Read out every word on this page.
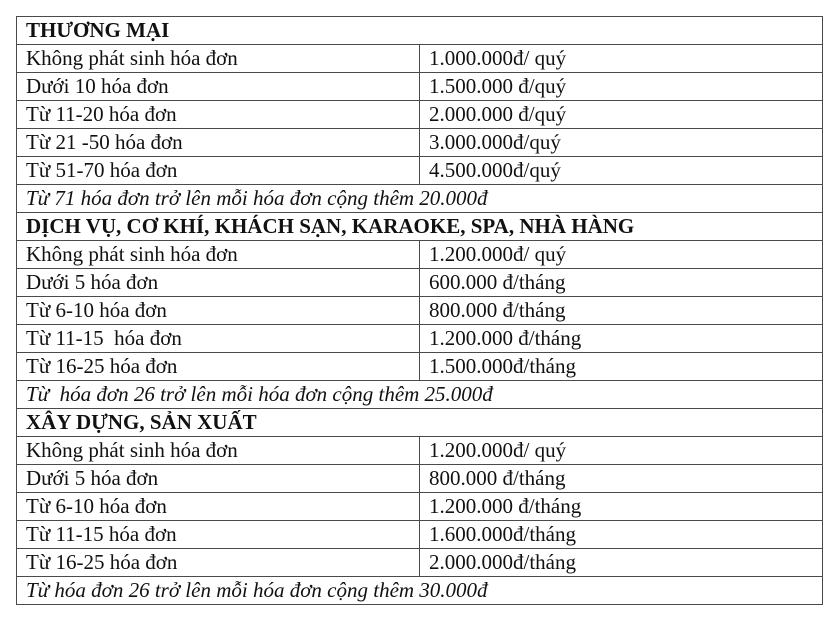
THƯƠNG MẠI	
Không phát sinh hóa đơn	1.000.000đ/ quý
Dưới 10 hóa đơn	1.500.000 đ/quý
Từ 11-20 hóa đơn	2.000.000 đ/quý
Từ 21 -50 hóa đơn	3.000.000đ/quý
Từ 51-70 hóa đơn	4.500.000đ/quý
Từ 71 hóa đơn trở lên mỗi hóa đơn cộng thêm 20.000đ	
DỊCH VỤ, CƠ KHÍ, KHÁCH SẠN, KARAOKE, SPA, NHÀ HÀNG	
Không phát sinh hóa đơn	1.200.000đ/ quý
Dưới 5 hóa đơn	600.000 đ/tháng
Từ 6-10 hóa đơn	800.000 đ/tháng
Từ 11-15  hóa đơn	1.200.000 đ/tháng
Từ 16-25 hóa đơn	1.500.000đ/tháng
Từ  hóa đơn 26 trở lên mỗi hóa đơn cộng thêm 25.000đ	
XÂY DỰNG, SẢN XUẤT	
Không phát sinh hóa đơn	1.200.000đ/ quý
Dưới 5 hóa đơn	800.000 đ/tháng
Từ 6-10 hóa đơn	1.200.000 đ/tháng
Từ 11-15 hóa đơn	1.600.000đ/tháng
Từ 16-25 hóa đơn	2.000.000đ/tháng
Từ hóa đơn 26 trở lên mỗi hóa đơn cộng thêm 30.000đ	
